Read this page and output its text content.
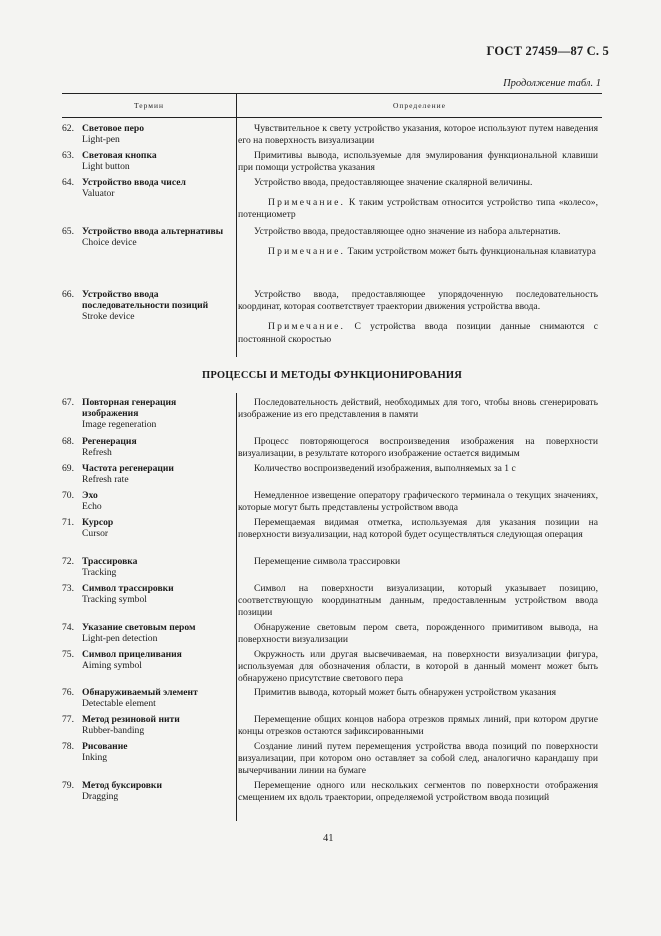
ГОСТ 27459—87 С. 5
Продолжение табл. 1
Термин	Определение
ПРОЦЕССЫ И МЕТОДЫ ФУНКЦИОНИРОВАНИЯ
62. Световое перо
Light-pen
Чувствительное к свету устройство указания, которое используют путем наведения его на поверхность визуализации
63. Световая кнопка
Light button
Примитивы вывода, используемые для эмулирования функциональной клавиши при помощи устройства указания
64. Устройство ввода чисел
Valuator
Устройство ввода, предоставляющее значение скалярной величины.
Примечание. К таким устройствам относится устройство типа «колесо», потенциометр
65. Устройство ввода альтернативы
Choice device
Устройство ввода, предоставляющее одно значение из набора альтернатив.
Примечание. Таким устройством может быть функциональная клавиатура
66. Устройство ввода последовательности позиций
Stroke device
Устройство ввода, предоставляющее упорядоченную последовательность координат, которая соответствует траектории движения устройства ввода.
Примечание. С устройства ввода позиции данные снимаются с постоянной скоростью
67. Повторная генерация изображения
Image regeneration
Последовательность действий, необходимых для того, чтобы вновь сгенерировать изображение из его представления в памяти
68. Регенерация
Refresh
Процесс повторяющегося воспроизведения изображения на поверхности визуализации, в результате которого изображение остается видимым
69. Частота регенерации
Refresh rate
Количество воспроизведений изображения, выполняемых за 1 с
70. Эхо
Echo
Немедленное извещение оператору графического терминала о текущих значениях, которые могут быть представлены устройством ввода
71. Курсор
Cursor
Перемещаемая видимая отметка, используемая для указания позиции на поверхности визуализации, над которой будет осуществляться следующая операция
72. Трассировка
Tracking
Перемещение символа трассировки
73. Символ трассировки
Tracking symbol
Символ на поверхности визуализации, который указывает позицию, соответствующую координатным данным, предоставленным устройством ввода позиции
74. Указание световым пером
Light-pen detection
Обнаружение световым пером света, порожденного примитивом вывода, на поверхности визуализации
75. Символ прицеливания
Aiming symbol
Окружность или другая высвечиваемая, на поверхности визуализации фигура, используемая для обозначения области, в которой в данный момент может быть обнаружено присутствие светового пера
76. Обнаруживаемый элемент
Detectable element
Примитив вывода, который может быть обнаружен устройством указания
77. Метод резиновой нити
Rubber-banding
Перемещение общих концов набора отрезков прямых линий, при котором другие концы отрезков остаются зафиксированными
78. Рисование
Inking
Создание линий путем перемещения устройства ввода позиций по поверхности визуализации, при котором оно оставляет за собой след, аналогично карандашу при вычерчивании линии на бумаге
79. Метод буксировки
Dragging
Перемещение одного или нескольких сегментов по поверхности отображения смещением их вдоль траектории, определяемой устройством ввода позиций
41
